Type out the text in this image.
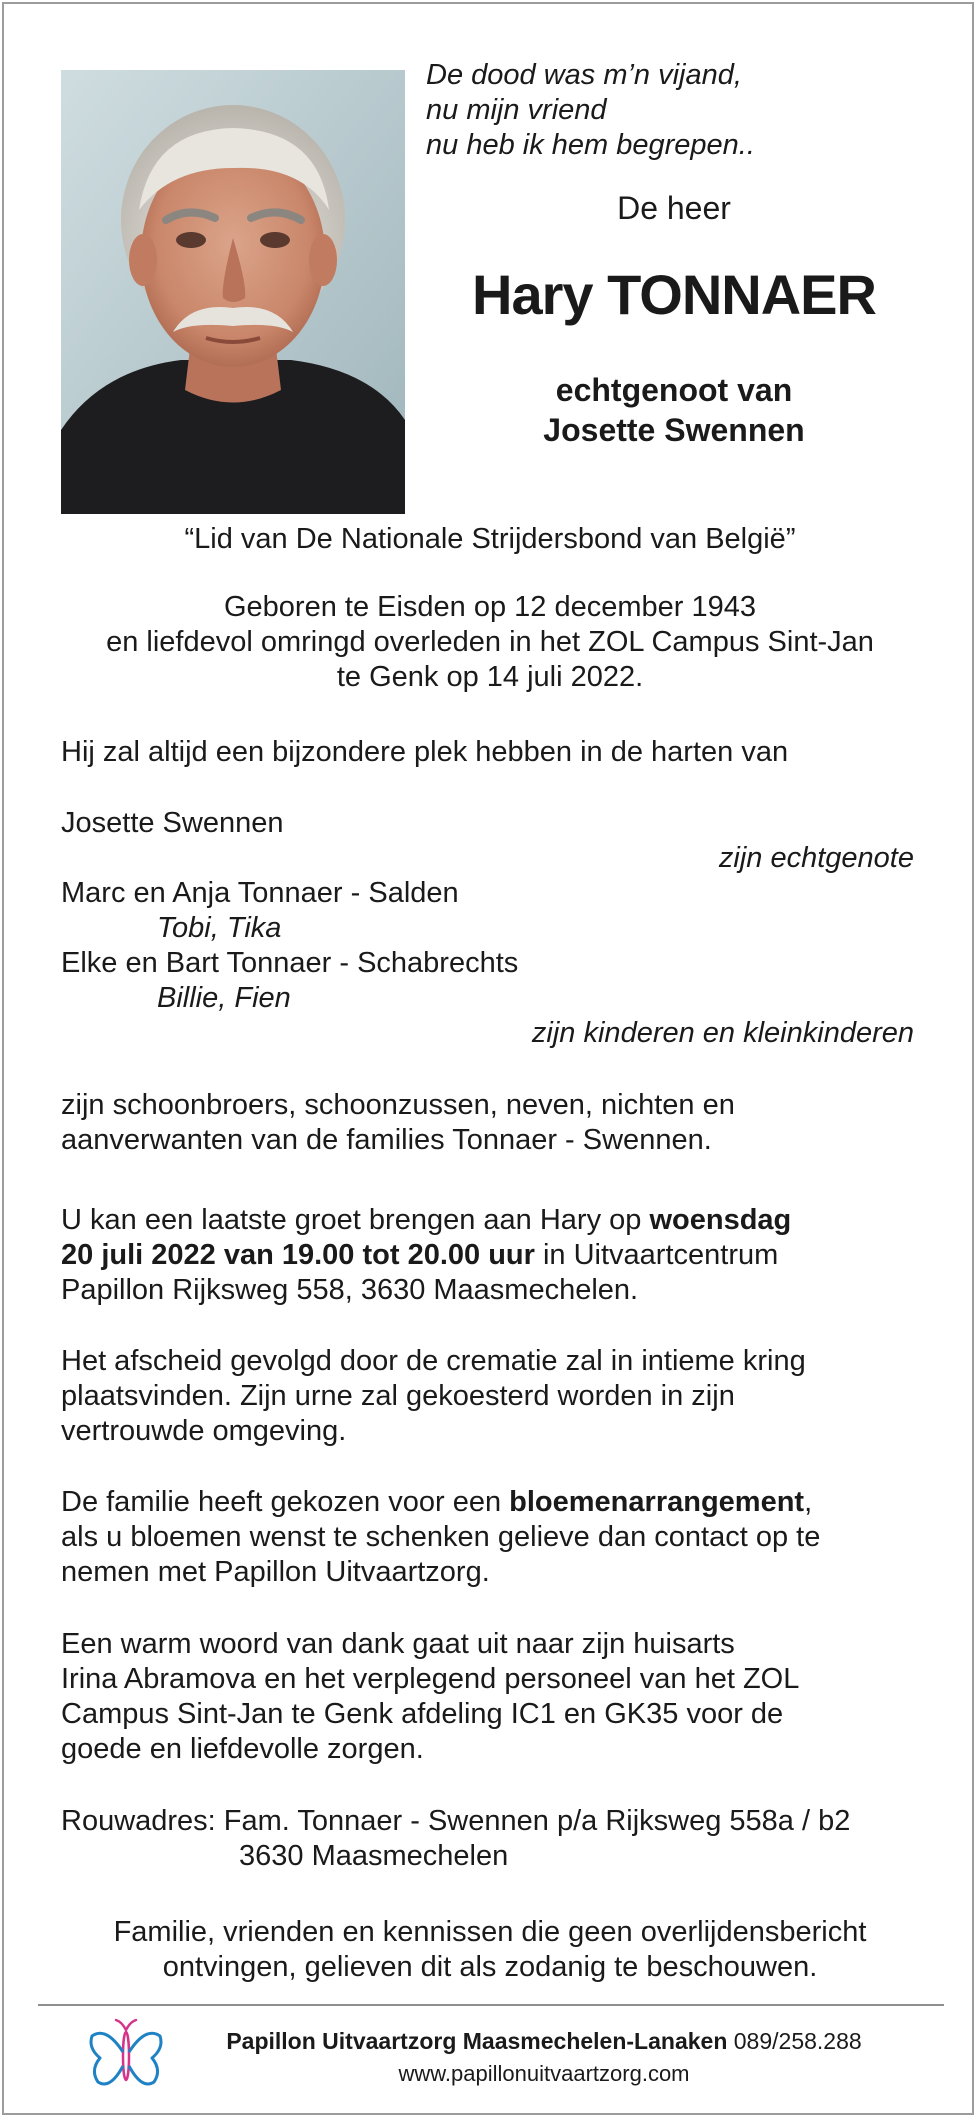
De dood was m’n vijand,
nu mijn vriend
nu heb ik hem begrepen..
De heer
Hary TONNAER
echtgenoot van
Josette Swennen
“Lid van De Nationale Strijdersbond van België”
Geboren te Eisden op 12 december 1943
en liefdevol omringd overleden in het ZOL Campus Sint-Jan
te Genk op 14 juli 2022.
Hij zal altijd een bijzondere plek hebben in de harten van
Josette Swennen
zijn echtgenote
Marc en Anja Tonnaer - Salden
Tobi, Tika
Elke en Bart Tonnaer - Schabrechts
Billie, Fien
zijn kinderen en kleinkinderen
zijn schoonbroers, schoonzussen, neven, nichten en
aanverwanten van de families Tonnaer - Swennen.
U kan een laatste groet brengen aan Hary op woensdag
20 juli 2022 van 19.00 tot 20.00 uur in Uitvaartcentrum
Papillon Rijksweg 558, 3630 Maasmechelen.
Het afscheid gevolgd door de crematie zal in intieme kring
plaatsvinden. Zijn urne zal gekoesterd worden in zijn
vertrouwde omgeving.
De familie heeft gekozen voor een bloemenarrangement,
als u bloemen wenst te schenken gelieve dan contact op te
nemen met Papillon Uitvaartzorg.
Een warm woord van dank gaat uit naar zijn huisarts
Irina Abramova en het verplegend personeel van het ZOL
Campus Sint-Jan te Genk afdeling IC1 en GK35 voor de
goede en liefdevolle zorgen.
Rouwadres: Fam. Tonnaer - Swennen p/a Rijksweg 558a / b2
3630 Maasmechelen
Familie, vrienden en kennissen die geen overlijdensbericht
ontvingen, gelieven dit als zodanig te beschouwen.
Papillon Uitvaartzorg Maasmechelen-Lanaken 089/258.288
www.papillonuitvaartzorg.com
